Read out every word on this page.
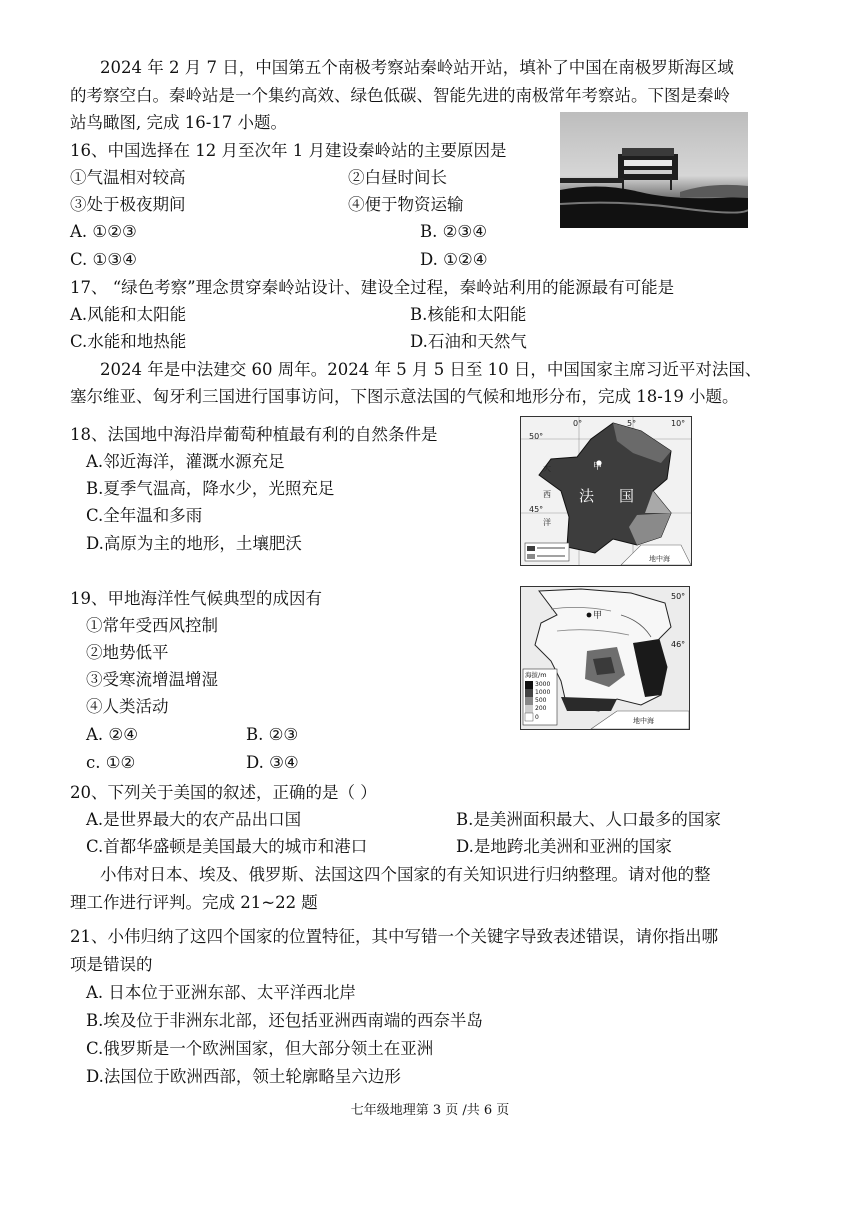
2024 年 2 月 7 日，中国第五个南极考察站秦岭站开站，填补了中国在南极罗斯海区域
的考察空白。秦岭站是一个集约高效、绿色低碳、智能先进的南极常年考察站。下图是秦岭
站鸟瞰图, 完成 16-17 小题。
16、中国选择在 12 月至次年 1 月建设秦岭站的主要原因是
①气温相对较高	②白昼时间长
③处于极夜期间	④便于物资运输
A. ①②③	B. ②③④
C. ①③④	D. ①②④
17、 “绿色考察”理念贯穿秦岭站设计、建设全过程，秦岭站利用的能源最有可能是
A.风能和太阳能	B.核能和太阳能
C.水能和地热能	D.石油和天然气
2024 年是中法建交 60 周年。2024 年 5 月 5 日至 10 日，中国国家主席习近平对法国、
塞尔维亚、匈牙利三国进行国事访问，下图示意法国的气候和地形分布，完成 18-19 小题。
50°
45°
0°	5°	10°
甲
法 国
大
西
洋
地中海
18、法国地中海沿岸葡萄种植最有利的自然条件是
A.邻近海洋，灌溉水源充足
B.夏季气温高，降水少，光照充足
C.全年温和多雨
D.高原为主的地形，土壤肥沃
海拔/m
3000
1000
500
200
0
甲
50°
46°
地中海
19、甲地海洋性气候典型的成因有
①常年受西风控制
②地势低平
③受寒流增温增湿
④人类活动
A. ②④	B. ②③
c. ①②	D. ③④
20、下列关于美国的叙述，正确的是（ ）
A.是世界最大的农产品出口国	B.是美洲面积最大、人口最多的国家
C.首都华盛顿是美国最大的城市和港口	D.是地跨北美洲和亚洲的国家
小伟对日本、埃及、俄罗斯、法国这四个国家的有关知识进行归纳整理。请对他的整
理工作进行评判。完成 21~22 题
21、小伟归纳了这四个国家的位置特征，其中写错一个关键字导致表述错误，请你指出哪
项是错误的
A. 日本位于亚洲东部、太平洋西北岸
B.埃及位于非洲东北部，还包括亚洲西南端的西奈半岛
C.俄罗斯是一个欧洲国家，但大部分领土在亚洲
D.法国位于欧洲西部，领土轮廓略呈六边形
七年级地理第 3 页 /共 6 页
